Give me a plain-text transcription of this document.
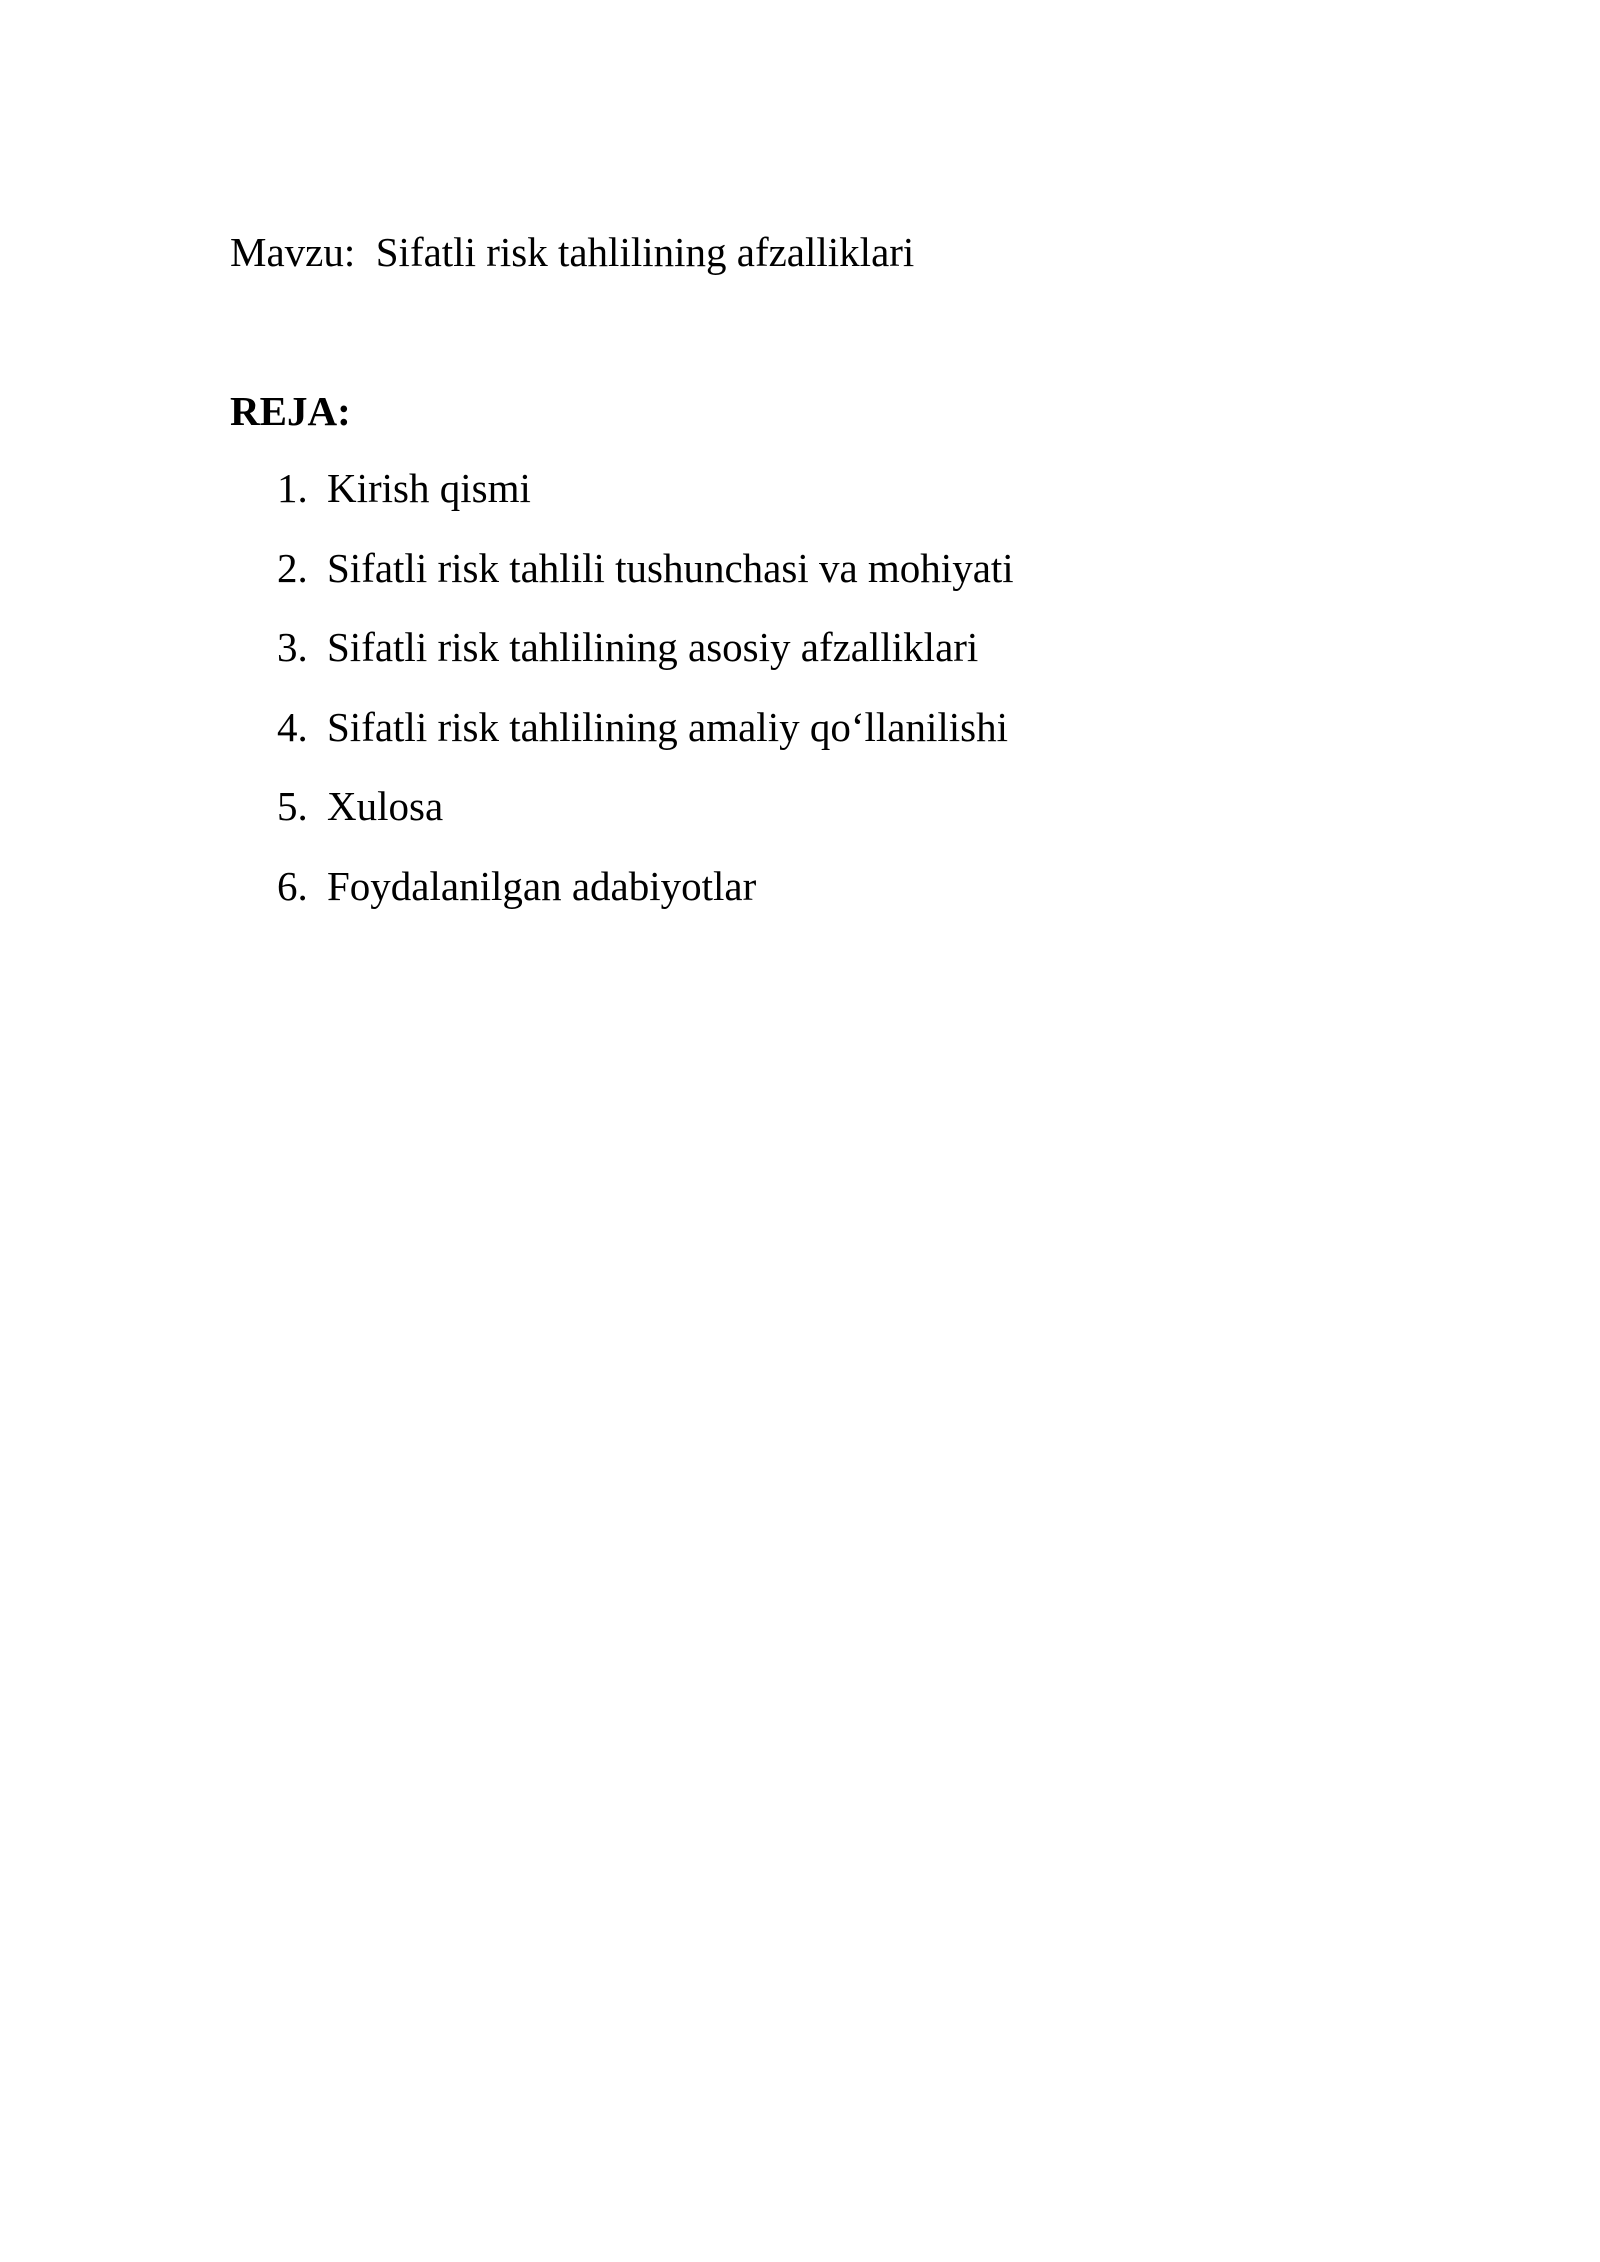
Mavzu: Sifatli risk tahlilining afzalliklari
REJA:
1. Kirish qismi
2. Sifatli risk tahlili tushunchasi va mohiyati
3. Sifatli risk tahlilining asosiy afzalliklari
4. Sifatli risk tahlilining amaliy qo‘llanilishi
5. Xulosa
6. Foydalanilgan adabiyotlar
